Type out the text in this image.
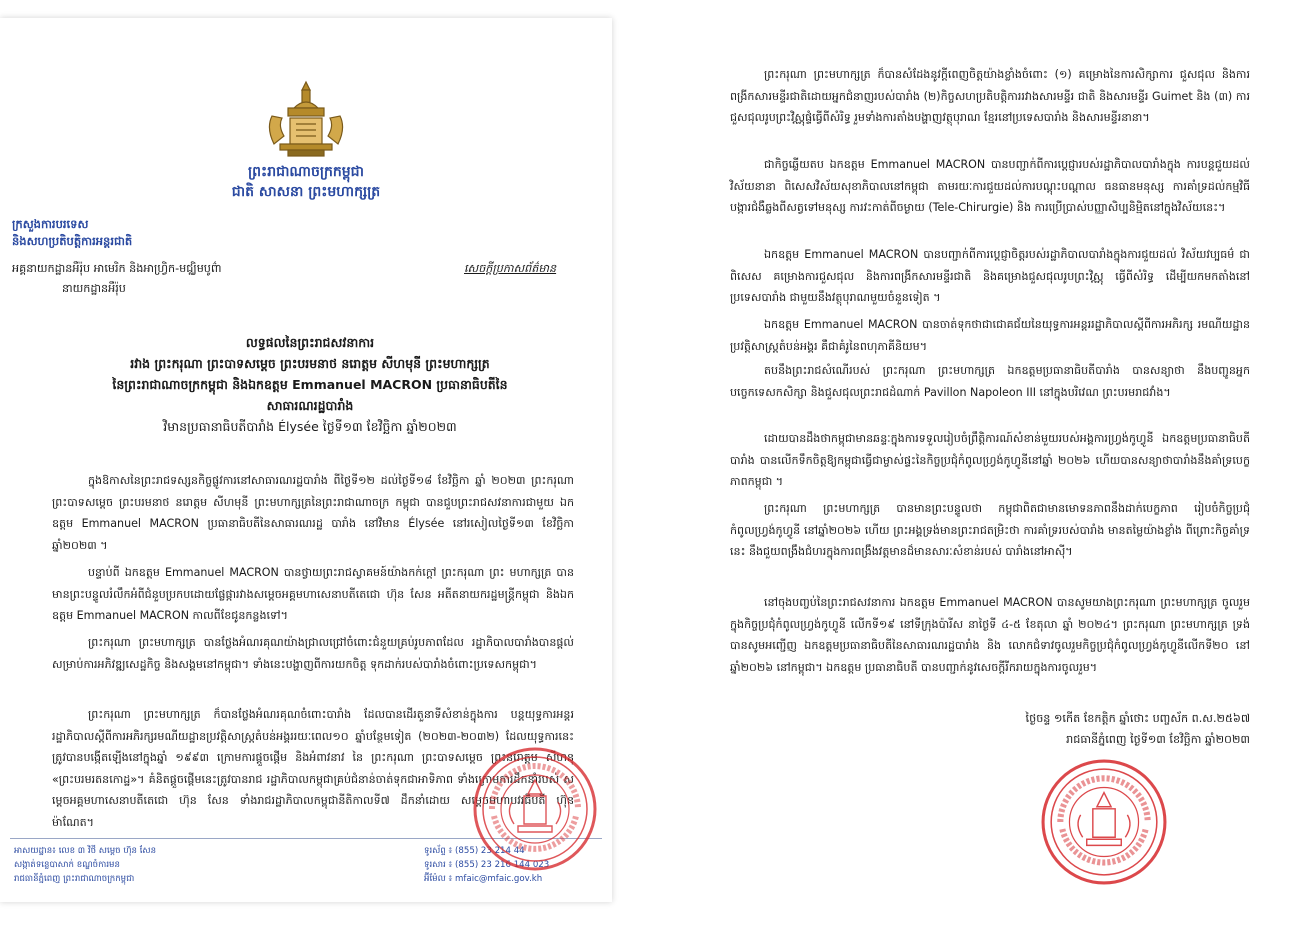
ព្រះរាជាណាចក្រកម្ពុជា
ជាតិ សាសនា ព្រះមហាក្សត្រ
ក្រសួងការបរទេស
និងសហប្រតិបត្តិការអន្តរជាតិ
អគ្គនាយកដ្ឋានអឺរ៉ុប អាមេរិក និងអាហ្វ្រិក-មជ្ឈិមបូព៌ា
នាយកដ្ឋានអឺរ៉ុប
សេចក្តីប្រកាសព័ត៌មាន
លទ្ធផលនៃព្រះរាជសវនាការ
រវាង ព្រះករុណា ព្រះបាទសម្តេច ព្រះបរមនាថ នរោត្តម សីហមុនី ព្រះមហាក្សត្រ
នៃព្រះរាជាណាចក្រកម្ពុជា និងឯកឧត្តម Emmanuel MACRON ប្រធានាធិបតីនៃ
សាធារណរដ្ឋបារាំង
វិមានប្រធានាធិបតីបារាំង Élysée ថ្ងៃទី១៣ ខែវិច្ឆិកា ឆ្នាំ២០២៣
ក្នុងឱកាសនៃព្រះរាជទស្សនកិច្ចផ្លូវការនៅសាធារណរដ្ឋបារាំង ពីថ្ងៃទី១២ ដល់ថ្ងៃទី១៨ ខែវិច្ឆិកា ឆ្នាំ ២០២៣ ព្រះករុណា ព្រះបាទសម្តេច ព្រះបរមនាថ នរោត្តម សីហមុនី ព្រះមហាក្សត្រនៃព្រះរាជាណាចក្រ កម្ពុជា បានជួបព្រះរាជសវនាការជាមួយ ឯកឧត្តម Emmanuel MACRON ប្រធានាធិបតីនៃសាធារណរដ្ឋ បារាំង នៅវិមាន Élysée នៅរសៀលថ្ងៃទី១៣ ខែវិច្ឆិកា ឆ្នាំ២០២៣ ។
បន្ទាប់ពី ឯកឧត្តម Emmanuel MACRON បានថ្វាយព្រះរាជស្វាគមន៍យ៉ាងកក់ក្តៅ ព្រះករុណា ព្រះ មហាក្សត្រ បានមានព្រះបន្ទូលរំលឹកអំពីជំនួបប្រកបដោយផ្លែផ្ការវាងសម្តេចអគ្គមហាសេនាបតីតេជោ ហ៊ុន សែន អតីតនាយករដ្ឋមន្ត្រីកម្ពុជា និងឯកឧត្តម Emmanuel MACRON កាលពីខែជូនកន្លងទៅ។
ព្រះករុណា ព្រះមហាក្សត្រ បានថ្លែងអំណរគុណយ៉ាងជ្រាលជ្រៅចំពោះជំនួយគ្រប់រូបភាពដែល រដ្ឋាភិបាលបារាំងបានផ្តល់សម្រាប់ការអភិវឌ្ឍសេដ្ឋកិច្ច និងសង្គមនៅកម្ពុជា។ ទាំងនេះបង្ហាញពីការយកចិត្ត ទុកដាក់របស់បារាំងចំពោះប្រទេសកម្ពុជា។
ព្រះករុណា ព្រះមហាក្សត្រ ក៏បានថ្លែងអំណរគុណចំពោះបារាំង ដែលបានដើរតួនាទីសំខាន់ក្នុងការ បន្តយុទ្ធការអន្តររដ្ឋាភិបាលស្តីពីការអភិរក្សរមណីយដ្ឋានប្រវត្តិសាស្ត្រតំបន់អង្គររយៈពេល១០ ឆ្នាំបន្ថែមទៀត (២០២៣-២០៣២) ដែលយុទ្ធការនេះត្រូវបានបង្កើតឡើងនៅក្នុងឆ្នាំ ១៩៩៣ ក្រោមការផ្តួចផ្តើម និងអំពាវនាវ នៃ ព្រះករុណា ព្រះបាទសម្តេច ព្រះនរោត្តម សីហនុ «ព្រះបរមរតនកោដ្ឋ»។ គំនិតផ្តួចផ្តើមនេះត្រូវបានរាជ រដ្ឋាភិបាលកម្ពុជាគ្រប់ជំនាន់ចាត់ទុកជាអាទិភាព ទាំងក្រោមការដឹកនាំរបស់ សម្តេចអគ្គមហាសេនាបតីតេជោ ហ៊ុន សែន ទាំងរាជរដ្ឋាភិបាលកម្ពុជានីតិកាលទី៧ ដឹកនាំដោយ សម្តេចមហាបវរធិបតី ហ៊ុន ម៉ាណែត។
អាសយដ្ឋាន៖ លេខ ៣ វិថី សម្តេច ហ៊ុន សែន
សង្កាត់ទន្លេបាសាក់ ខណ្ឌចំការមន
រាជធានីភ្នំពេញ ព្រះរាជាណាចក្រកម្ពុជា
ទូរស័ព្ទ ៖ (855) 23 214 44
ទូរសារ ៖ (855) 23 216 144 023
អ៊ីម៉ែល ៖ mfaic@mfaic.gov.kh
ព្រះករុណា ព្រះមហាក្សត្រ ក៏បានសំដែងនូវក្តីពេញចិត្តយ៉ាងខ្លាំងចំពោះ (១) គម្រោងនៃការសិក្សាការ ជួសជុល និងការពង្រីកសារមន្ទីរជាតិដោយអ្នកជំនាញរបស់បារាំង (២)កិច្ចសហប្រតិបត្តិការរវាងសារមន្ទីរ ជាតិ និងសារមន្ទីរ Guimet និង (៣) ការជួសជុលរូបព្រះវិស្ណុផ្ទំធ្វើពីសំរិទ្ធ រួមទាំងការតាំងបង្ហាញវត្ថុបុរាណ ខ្មែរនៅប្រទេសបារាំង និងសារមន្ទីរនានា។
ជាកិច្ចឆ្លើយតប ឯកឧត្តម Emmanuel MACRON បានបញ្ជាក់ពីការប្តេជ្ញារបស់រដ្ឋាភិបាលបារាំងក្នុង ការបន្តជួយដល់វិស័យនានា ពិសេសវិស័យសុខាភិបាលនៅកម្ពុជា តាមរយៈការជួយដល់ការបណ្តុះបណ្តាល ធនធានមនុស្ស ការគាំទ្រដល់កម្មវិធីបង្ការជំងឺឆ្លងពីសត្វទៅមនុស្ស ការវះកាត់ពីចម្ងាយ (Tele-Chirurgie) និង ការប្រើប្រាស់បញ្ញាសិប្បនិម្មិតនៅក្នុងវិស័យនេះ។
ឯកឧត្តម Emmanuel MACRON បានបញ្ជាក់ពីការប្តេជ្ញាចិត្តរបស់រដ្ឋាភិបាលបារាំងក្នុងការជួយដល់ វិស័យវប្បធម៌ ជាពិសេស គម្រោងការជួសជុល និងការពង្រីកសារមន្ទីរជាតិ និងគម្រោងជួសជុលរូបព្រះវិស្ណុ ធ្វើពីសំរិទ្ធ ដើម្បីយកមកតាំងនៅប្រទេសបារាំង ជាមួយនឹងវត្ថុបុរាណមួយចំនួនទៀត ។
ឯកឧត្តម Emmanuel MACRON បានចាត់ទុកថាជាជោគជ័យនៃយុទ្ធការអន្តររដ្ឋាភិបាលស្តីពីការអភិរក្ស រមណីយដ្ឋានប្រវត្តិសាស្ត្រតំបន់អង្គរ គឺជាគំរូនៃពហុភាគីនិយម។
តបនឹងព្រះរាជសំណើរបស់ ព្រះករុណា ព្រះមហាក្សត្រ ឯកឧត្តមប្រធានាធិបតីបារាំង បានសន្យាថា នឹងបញ្ជូនអ្នកបច្ចេកទេសកសិក្សា និងជួសជុលព្រះរាជដំណាក់ Pavillon Napoleon III នៅក្នុងបរិវេណ ព្រះបរមរាជវាំង។
ដោយបានដឹងថាកម្ពុជាមានឆន្ទៈក្នុងការទទួលរៀបចំព្រឹត្តិការណ៍សំខាន់មួយរបស់អង្គការហ្វ្រង់កូហ្វូនី ឯកឧត្តមប្រធានាធិបតីបារាំង បានលើកទឹកចិត្តឱ្យកម្ពុជាធ្វើជាម្ចាស់ផ្ទះនៃកិច្ចប្រជុំកំពូលហ្វ្រង់កូហ្វូនីនៅឆ្នាំ ២០២៦ ហើយបានសន្យាថាបារាំងនឹងគាំទ្របេក្ខភាពកម្ពុជា ។
ព្រះករុណា ព្រះមហាក្សត្រ បានមានព្រះបន្ទូលថា កម្ពុជាពិតជាមានមោទនភាពនឹងដាក់បេក្ខភាព រៀបចំកិច្ចប្រជុំកំពូលហ្វ្រង់កូហ្វូនី នៅឆ្នាំ២០២៦ ហើយ ព្រះអង្គទ្រង់មានព្រះរាជតម្រិះថា ការគាំទ្ររបស់បារាំង មានតម្លៃយ៉ាងខ្លាំង ពីព្រោះកិច្ចគាំទ្រនេះ នឹងជួយពង្រឹងជំហរក្នុងការពង្រឹងវត្តមានដ៏មានសារៈសំខាន់របស់ បារាំងនៅអាស៊ី។
នៅចុងបញ្ចប់នៃព្រះរាជសវនាការ ឯកឧត្តម Emmanuel MACRON បានសូមយាងព្រះករុណា ព្រះមហាក្សត្រ ចូលរួមក្នុងកិច្ចប្រជុំកំពូលហ្វ្រង់កូហ្វូនី លើកទី១៩ នៅទីក្រុងប៉ារីស នាថ្ងៃទី ៤-៥ ខែតុលា ឆ្នាំ ២០២៤។ ព្រះករុណា ព្រះមហាក្សត្រ ទ្រង់បានសូមអញ្ជើញ ឯកឧត្តមប្រធានាធិបតីនៃសាធារណរដ្ឋបារាំង និង លោកជំទាវចូលរួមកិច្ចប្រជុំកំពូលហ្វ្រង់កូហ្វូនីលើកទី២០ នៅឆ្នាំ២០២៦ នៅកម្ពុជា។ ឯកឧត្តម ប្រធានាធិបតី បានបញ្ជាក់នូវសេចក្តីរីករាយក្នុងការចូលរួម។
ថ្ងៃចន្ទ ១កើត ខែកត្តិក ឆ្នាំថោះ បញ្ចស័ក ព.ស.២៥៦៧
រាជធានីភ្នំពេញ ថ្ងៃទី១៣ ខែវិច្ឆិកា ឆ្នាំ២០២៣
